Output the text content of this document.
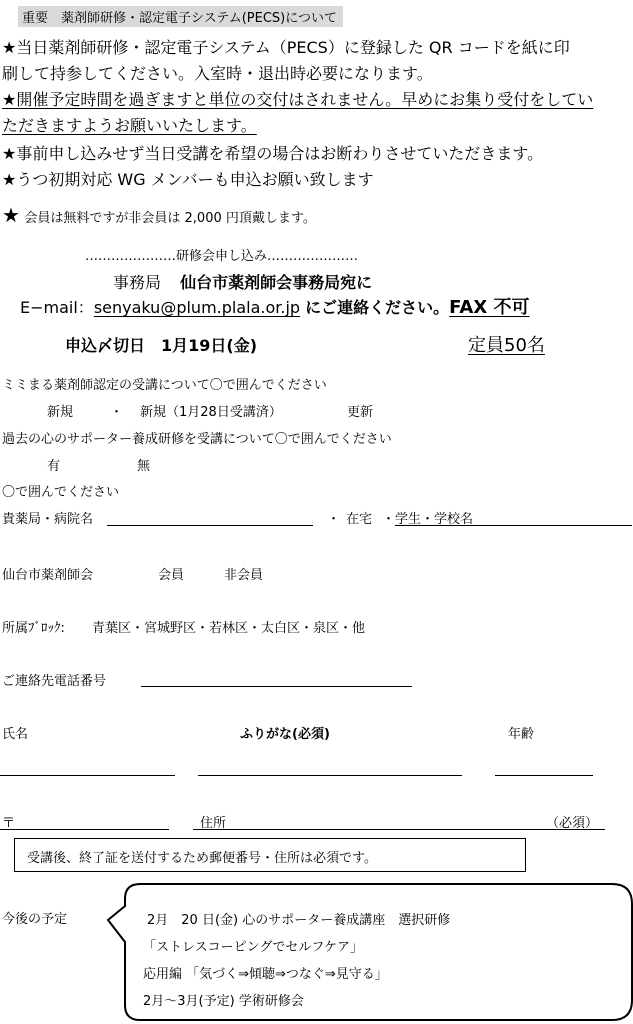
重要　薬剤師研修・認定電子システム(PECS)について
★当日薬剤師研修・認定電子システム（PECS）に登録した QR コードを紙に印
刷して持参してください。入室時・退出時必要になります。
★開催予定時間を過ぎますと単位の交付はされません。早めにお集り受付をしてい
ただきますようお願いいたします。
★事前申し込みせず当日受講を希望の場合はお断わりさせていただきます。
★うつ初期対応 WG メンバーも申込お願い致します
★ 会員は無料ですが非会員は 2,000 円頂戴します。
…………………研修会申し込み…………………
事務局 仙台市薬剤師会事務局宛に
E−mail：senyaku@plum.plala.or.jp にご連絡ください。FAX 不可
申込〆切日　1月19日(金)	定員50名
ミミまる薬剤師認定の受講について〇で囲んでください
新規	・ 新規（1月28日受講済）	更新
過去の心のサポーター養成研修を受講について〇で囲んでください
有	無
〇で囲んでください
貴薬局・病院名	・ 在宅 ・学生・学校名
仙台市薬剤師会	会員	非会員
所属ﾌﾞﾛｯｸ: 青葉区・宮城野区・若林区・太白区・泉区・他
ご連絡先電話番号
氏名	ふりがな(必須)	年齢
〒	住所	（必須）
受講後、終了証を送付するため郵便番号・住所は必須です。
今後の予定	2月　20 日(金) 心のサポーター養成講座　選択研修
「ストレスコーピングでセルフケア」
応用編 「気づく⇒傾聴⇒つなぐ⇒見守る」
2月～3月(予定) 学術研修会
